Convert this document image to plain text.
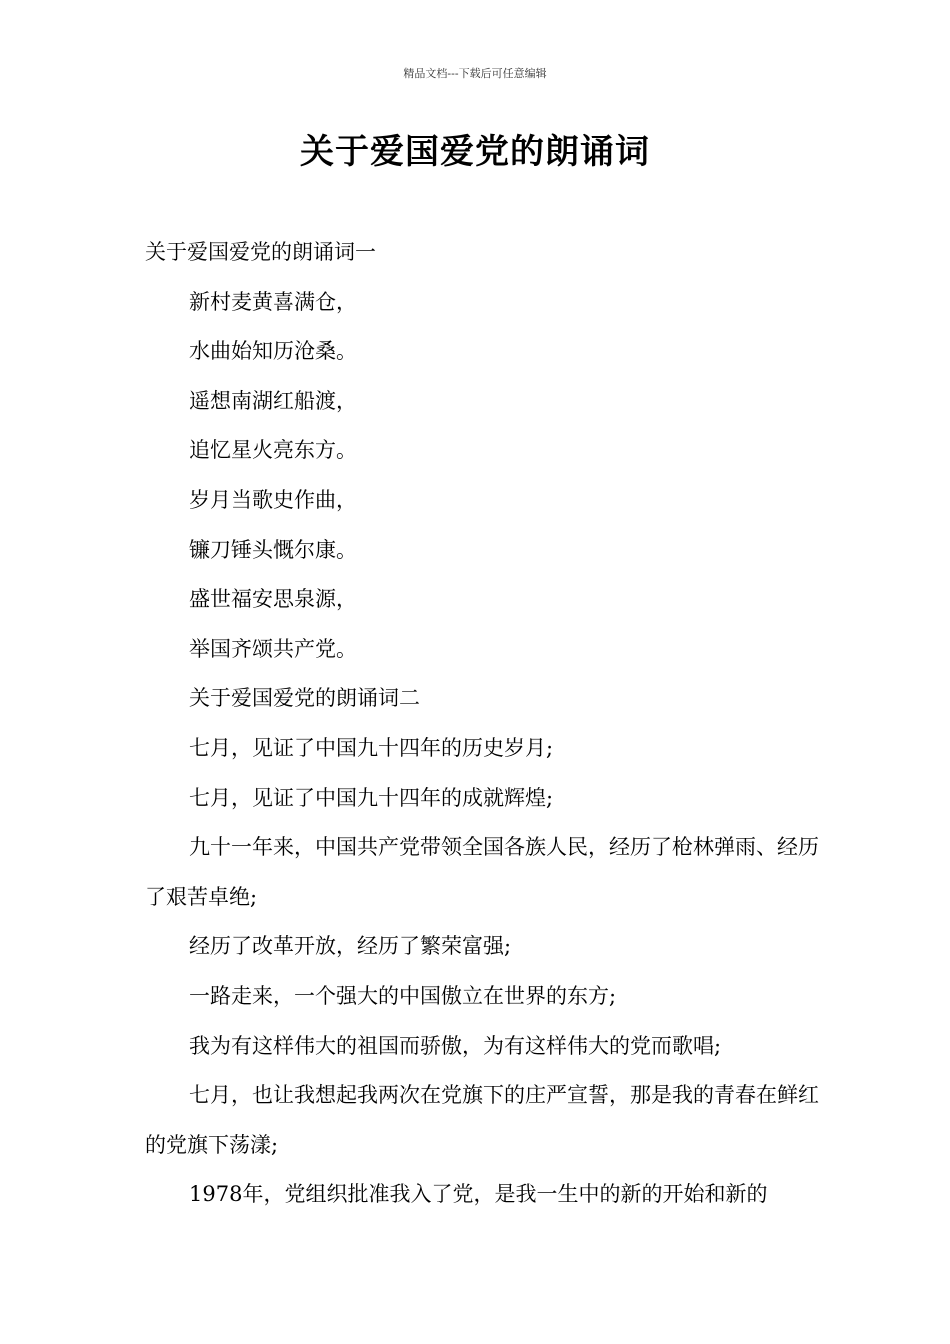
精品文档---下载后可任意编辑
关于爱国爱党的朗诵词

关于爱国爱党的朗诵词一

新村麦黄喜满仓，

水曲始知历沧桑。

遥想南湖红船渡，

追忆星火亮东方。

岁月当歌史作曲，

镰刀锤头慨尔康。

盛世福安思泉源，

举国齐颂共产党。

关于爱国爱党的朗诵词二

七月，见证了中国九十四年的历史岁月;

七月，见证了中国九十四年的成就辉煌;

九十一年来，中国共产党带领全国各族人民，经历了枪林弹雨、经历了艰苦卓绝;

经历了改革开放，经历了繁荣富强;

一路走来，一个强大的中国傲立在世界的东方;

我为有这样伟大的祖国而骄傲，为有这样伟大的党而歌唱;

七月，也让我想起我两次在党旗下的庄严宣誓，那是我的青春在鲜红的党旗下荡漾;

1978年，党组织批准我入了党，是我一生中的新的开始和新的
